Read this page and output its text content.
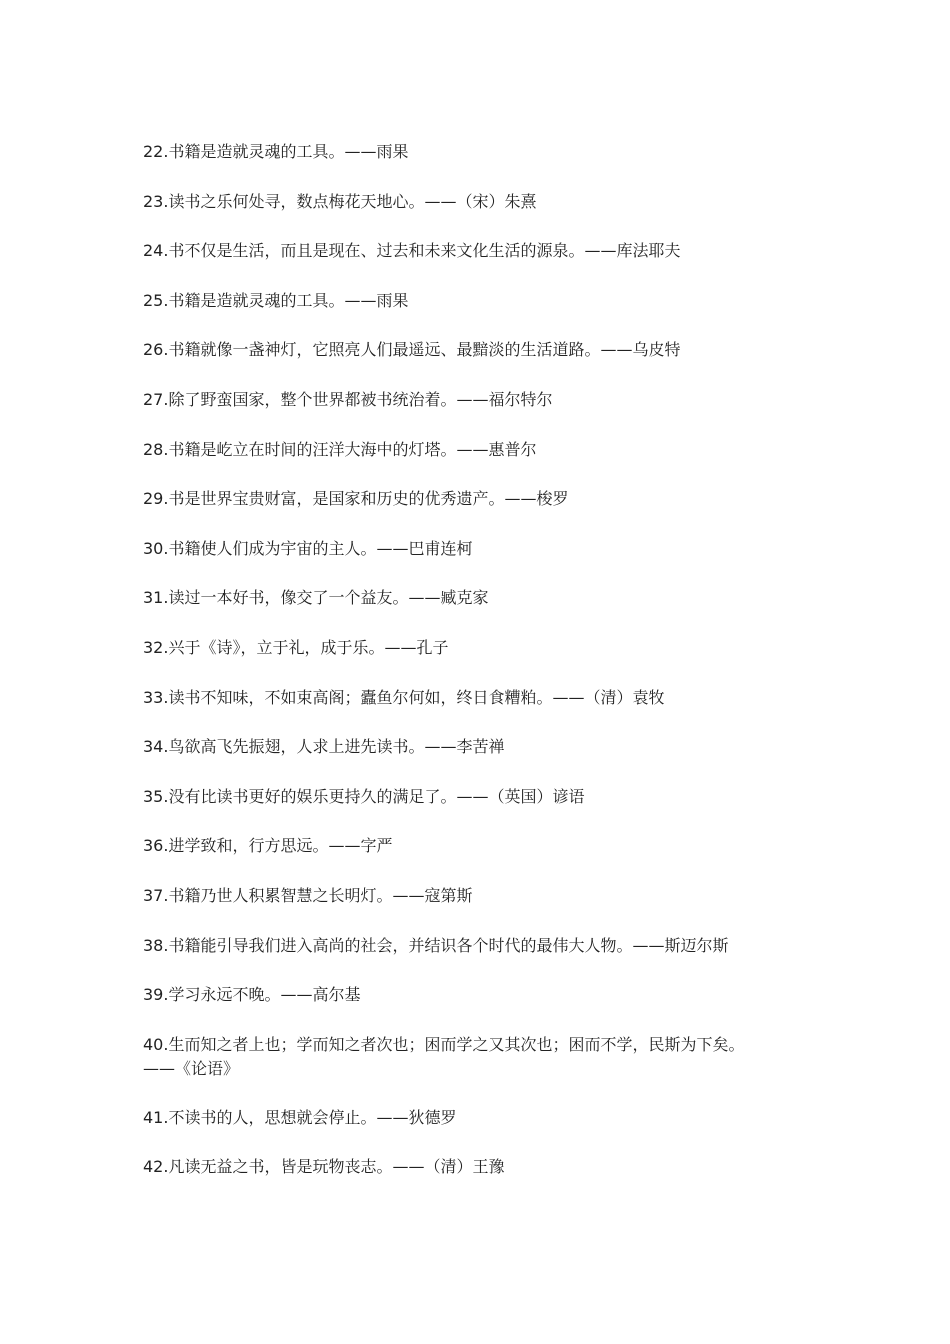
22.书籍是造就灵魂的工具。——雨果
23.读书之乐何处寻，数点梅花天地心。——（宋）朱熹
24.书不仅是生活，而且是现在、过去和未来文化生活的源泉。——库法耶夫
25.书籍是造就灵魂的工具。——雨果
26.书籍就像一盏神灯，它照亮人们最遥远、最黯淡的生活道路。——乌皮特
27.除了野蛮国家，整个世界都被书统治着。——福尔特尔
28.书籍是屹立在时间的汪洋大海中的灯塔。——惠普尔
29.书是世界宝贵财富，是国家和历史的优秀遗产。——梭罗
30.书籍使人们成为宇宙的主人。——巴甫连柯
31.读过一本好书，像交了一个益友。——臧克家
32.兴于《诗》，立于礼，成于乐。——孔子
33.读书不知味，不如束高阁；蠹鱼尔何如，终日食糟粕。——（清）袁牧
34.鸟欲高飞先振翅，人求上进先读书。——李苦禅
35.没有比读书更好的娱乐更持久的满足了。——（英国）谚语
36.进学致和，行方思远。——字严
37.书籍乃世人积累智慧之长明灯。——寇第斯
38.书籍能引导我们进入高尚的社会，并结识各个时代的最伟大人物。——斯迈尔斯
39.学习永远不晚。——高尔基
40.生而知之者上也；学而知之者次也；困而学之又其次也；困而不学，民斯为下矣。
——《论语》
41.不读书的人，思想就会停止。——狄德罗
42.凡读无益之书，皆是玩物丧志。——（清）王豫
